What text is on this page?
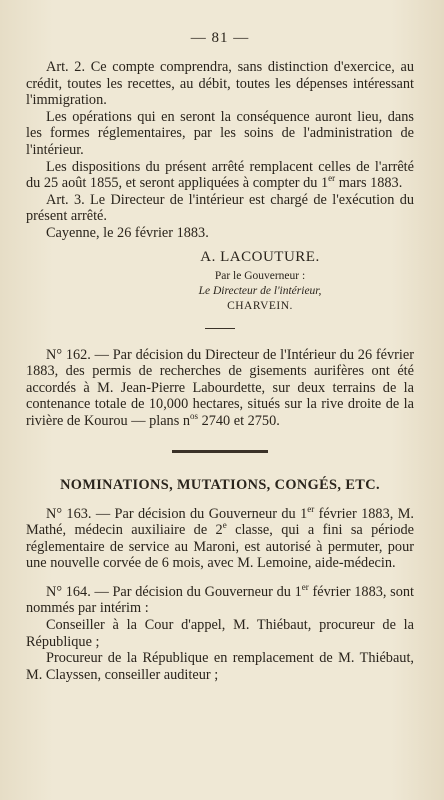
— 81 —

Art. 2. Ce compte comprendra, sans distinction d'exercice, au crédit, toutes les recettes, au débit, toutes les dépenses intéressant l'immigration.

Les opérations qui en seront la conséquence auront lieu, dans les formes réglementaires, par les soins de l'administration de l'intérieur.

Les dispositions du présent arrêté remplacent celles de l'arrêté du 25 août 1855, et seront appliquées à compter du 1er mars 1883.

Art. 3. Le Directeur de l'intérieur est chargé de l'exécution du présent arrêté.

Cayenne, le 26 février 1883.

A. LACOUTURE.
Par le Gouverneur :
Le Directeur de l'intérieur,
CHARVEIN.

N° 162. — Par décision du Directeur de l'Intérieur du 26 février 1883, des permis de recherches de gisements aurifères ont été accordés à M. Jean-Pierre Labourdette, sur deux terrains de la contenance totale de 10,000 hectares, situés sur la rive droite de la rivière de Kourou — plans $n^{os}$ 2740 et 2750.

NOMINATIONS, MUTATIONS, CONGÉS, ETC.

N° 163. — Par décision du Gouverneur du 1er février 1883, M. Mathé, médecin auxiliaire de 2e classe, qui a fini sa période réglementaire de service au Maroni, est autorisé à permuter, pour une nouvelle corvée de 6 mois, avec M. Lemoine, aide-médecin.

N° 164. — Par décision du Gouverneur du 1er février 1883, sont nommés par intérim :

Conseiller à la Cour d'appel, M. Thiébaut, procureur de la République ;

Procureur de la République en remplacement de M. Thiébaut, M. Clayssen, conseiller auditeur ;
